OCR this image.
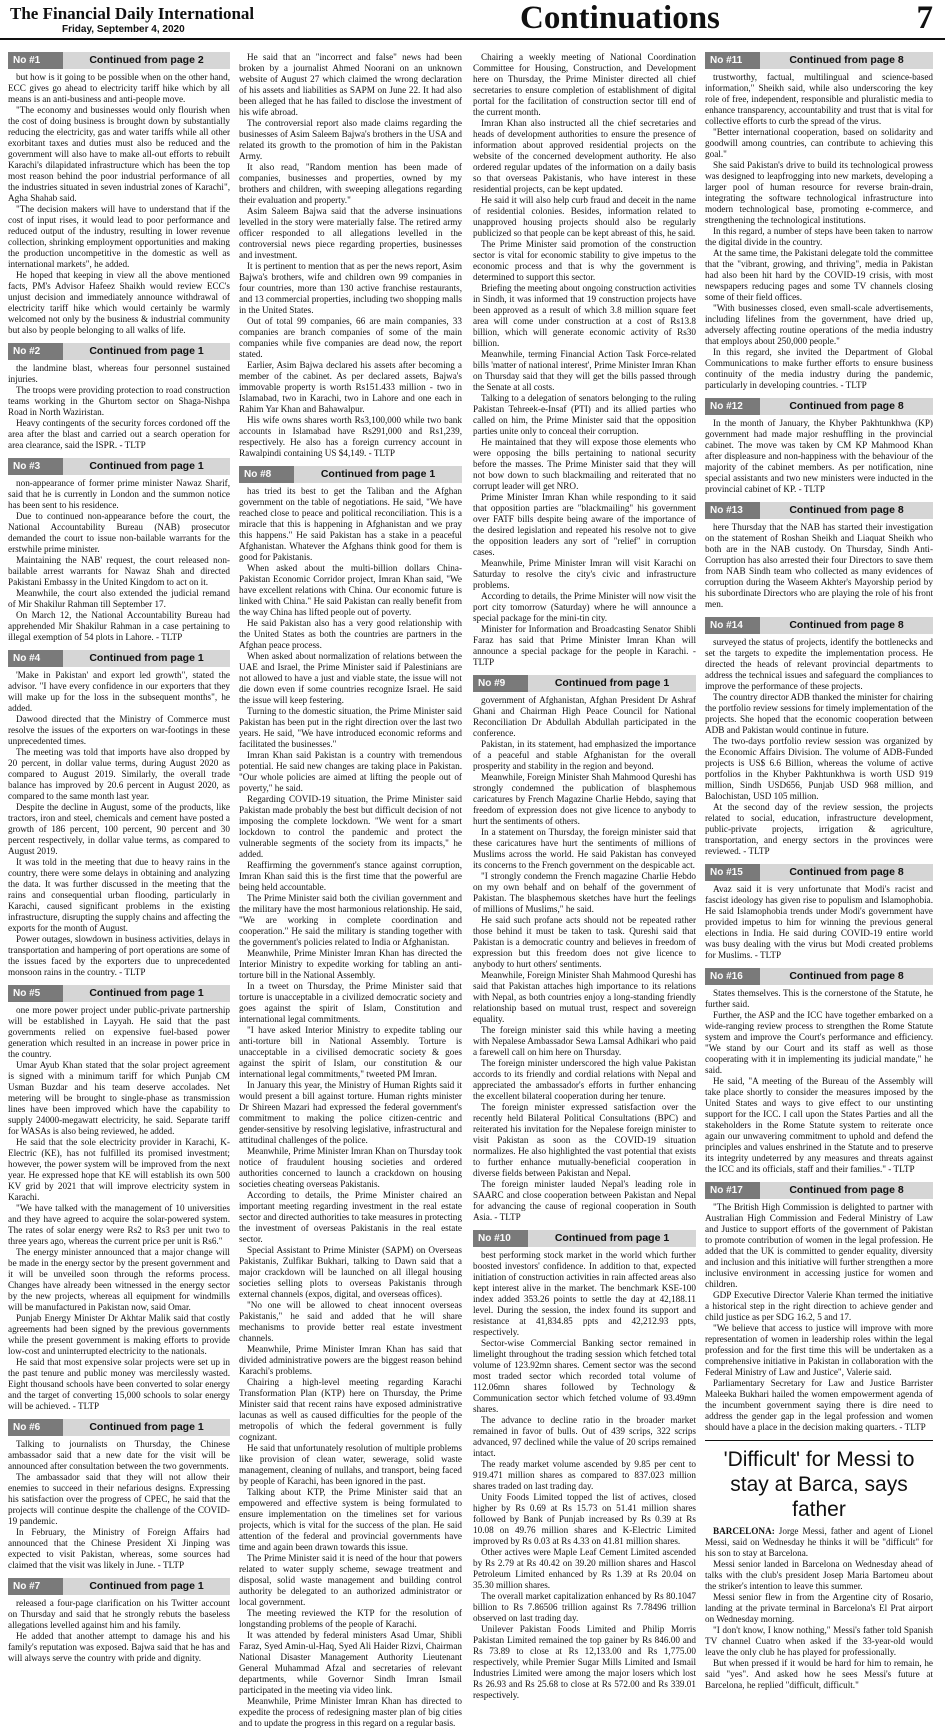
The Financial Daily International
Friday, September 4, 2020	Continuations	7
No #1	Continued from page 2

but how is it going to be possible when on the other hand, ECC gives go ahead to electricity tariff hike which by all means is an anti-business and anti-people move.

"The economy and businesses would only flourish when the cost of doing business is brought down by substantially reducing the electricity, gas and water tariffs while all other exorbitant taxes and duties must also be reduced and the government will also have to make all-out efforts to rebuilt Karachi's dilapidated infrastructure which has been the top most reason behind the poor industrial performance of all the industries situated in seven industrial zones of Karachi", Agha Shahab said.

"The decision makers will have to understand that if the cost of input rises, it would lead to poor performance and reduced output of the industry, resulting in lower revenue collection, shrinking employment opportunities and making the production uncompetitive in the domestic as well as international markets", he added.

He hoped that keeping in view all the above mentioned facts, PM's Advisor Hafeez Shaikh would review ECC's unjust decision and immediately announce withdrawal of electricity tariff hike which would certainly be warmly welcomed not only by the business & industrial community but also by people belonging to all walks of life.

No #2	Continued from page 1

the landmine blast, whereas four personnel sustained injuries.

The troops were providing protection to road construction teams working in the Ghurtom sector on Shaga-Nishpa Road in North Waziristan.

Heavy contingents of the security forces cordoned off the area after the blast and carried out a search operation for area clearance, said the ISPR. - TLTP

No #3	Continued from page 1

non-appearance of former prime minister Nawaz Sharif, said that he is currently in London and the summon notice has been sent to his residence.

Due to continued non-appearance before the court, the National Accountability Bureau (NAB) prosecutor demanded the court to issue non-bailable warrants for the erstwhile prime minister.

Maintaining the NAB' request, the court released non-bailable arrest warrants for Nawaz Shah and directed Pakistani Embassy in the United Kingdom to act on it.

Meanwhile, the court also extended the judicial remand of Mir Shakilur Rahman till September 17.

On March 12, the National Accountability Bureau had apprehended Mir Shakilur Rahman in a case pertaining to illegal exemption of 54 plots in Lahore. - TLTP

No #4	Continued from page 1

'Make in Pakistan' and export led growth", stated the advisor. "I have every confidence in our exporters that they will make up for the loss in the subsequent months", he added.

Dawood directed that the Ministry of Commerce must resolve the issues of the exporters on war-footings in these unprecedented times.

The meeting was told that imports have also dropped by 20 percent, in dollar value terms, during August 2020 as compared to August 2019. Similarly, the overall trade balance has improved by 20.6 percent in August 2020, as compared to the same month last year.

Despite the decline in August, some of the products, like tractors, iron and steel, chemicals and cement have posted a growth of 186 percent, 100 percent, 90 percent and 30 percent respectively, in dollar value terms, as compared to August 2019.

It was told in the meeting that due to heavy rains in the country, there were some delays in obtaining and analyzing the data. It was further discussed in the meeting that the rains and consequential urban flooding, particularly in Karachi, caused significant problems in the existing infrastructure, disrupting the supply chains and affecting the exports for the month of August.

Power outages, slowdown in business activities, delays in transportation and hampering of port operations are some of the issues faced by the exporters due to unprecedented monsoon rains in the country. - TLTP

No #5	Continued from page 1

one more power project under public-private partnership will be established in Layyah. He said that the past governments relied on expensive fuel-based power generation which resulted in an increase in power price in the country.

Umar Ayub Khan stated that the solar project agreement is signed with a minimum tariff for which Punjab CM Usman Buzdar and his team deserve accolades. Net metering will be brought to single-phase as transmission lines have been improved which have the capability to supply 24000-megawatt electricity, he said. Separate tariff for WASAs is also being reviewed, he added.

He said that the sole electricity provider in Karachi, K-Electric (KE), has not fulfilled its promised investment; however, the power system will be improved from the next year. He expressed hope that KE will establish its own 500 KV grid by 2021 that will improve electricity system in Karachi.

"We have talked with the management of 10 universities and they have agreed to acquire the solar-powered system. The rates of solar energy were Rs2 to Rs3 per unit two to three years ago, whereas the current price per unit is Rs6."

The energy minister announced that a major change will be made in the energy sector by the present government and it will be unveiled soon through the reforms process. Changes have already been witnessed in the energy sector by the new projects, whereas all equipment for windmills will be manufactured in Pakistan now, said Omar.

Punjab Energy Minister Dr Akhtar Malik said that costly agreements had been signed by the previous governments while the present government is making efforts to provide low-cost and uninterrupted electricity to the nationals.

He said that most expensive solar projects were set up in the past tenure and public money was mercilessly wasted. Eight thousand schools have been converted to solar energy and the target of converting 15,000 schools to solar energy will be achieved. - TLTP

No #6	Continued from page 1

Talking to journalists on Thursday, the Chinese ambassador said that a new date for the visit will be announced after consultation between the two governments.

The ambassador said that they will not allow their enemies to succeed in their nefarious designs. Expressing his satisfaction over the progress of CPEC, he said that the projects will continue despite the challenge of the COVID-19 pandemic.

In February, the Ministry of Foreign Affairs had announced that the Chinese President Xi Jinping was expected to visit Pakistan, whereas, some sources had claimed that the visit was likely in June. - TLTP

No #7	Continued from page 1

released a four-page clarification on his Twitter account on Thursday and said that he strongly rebuts the baseless allegations levelled against him and his family.

He added that another attempt to damage his and his family's reputation was exposed. Bajwa said that he has and will always serve the country with pride and dignity.

He said that an "incorrect and false" news had been broken by a journalist Ahmed Noorani on an unknown website of August 27 which claimed the wrong declaration of his assets and liabilities as SAPM on June 22. It had also been alleged that he has failed to disclose the investment of his wife abroad.

The controversial report also made claims regarding the businesses of Asim Saleem Bajwa's brothers in the USA and related its growth to the promotion of him in the Pakistan Army.

It also read, "Random mention has been made of companies, businesses and properties, owned by my brothers and children, with sweeping allegations regarding their evaluation and property."

Asim Saleem Bajwa said that the adverse insinuations levelled in the story were materially false. The retired army officer responded to all allegations levelled in the controversial news piece regarding properties, businesses and investment.

It is pertinent to mention that as per the news report, Asim Bajwa's brothers, wife and children own 99 companies in four countries, more than 130 active franchise restaurants, and 13 commercial properties, including two shopping malls in the United States.

Out of total 99 companies, 66 are main companies, 33 companies are branch companies of some of the main companies while five companies are dead now, the report stated.

Earlier, Asim Bajwa declared his assets after becoming a member of the cabinet. As per declared assets, Bajwa's immovable property is worth Rs151.433 million - two in Islamabad, two in Karachi, two in Lahore and one each in Rahim Yar Khan and Bahawalpur.

His wife owns shares worth Rs3,100,000 while two bank accounts in Islamabad have Rs291,000 and Rs1,239, respectively. He also has a foreign currency account in Rawalpindi containing US $4,149. - TLTP

No #8	Continued from page 1

has tried its best to get the Taliban and the Afghan government on the table of negotiations. He said, "We have reached close to peace and political reconciliation. This is a miracle that this is happening in Afghanistan and we pray this happens." He said Pakistan has a stake in a peaceful Afghanistan. Whatever the Afghans think good for them is good for Pakistanis.

When asked about the multi-billion dollars China-Pakistan Economic Corridor project, Imran Khan said, "We have excellent relations with China. Our economic future is linked with China." He said Pakistan can really benefit from the way China has lifted people out of poverty.

He said Pakistan also has a very good relationship with the United States as both the countries are partners in the Afghan peace process.

When asked about normalization of relations between the UAE and Israel, the Prime Minister said if Palestinians are not allowed to have a just and viable state, the issue will not die down even if some countries recognize Israel. He said the issue will keep festering.

Turning to the domestic situation, the Prime Minister said Pakistan has been put in the right direction over the last two years. He said, "We have introduced economic reforms and facilitated the businesses."

Imran Khan said Pakistan is a country with tremendous potential. He said new changes are taking place in Pakistan. "Our whole policies are aimed at lifting the people out of poverty," he said.

Regarding COVID-19 situation, the Prime Minister said Pakistan made probably the best but difficult decision of not imposing the complete lockdown. "We went for a smart lockdown to control the pandemic and protect the vulnerable segments of the society from its impacts," he added.

Reaffirming the government's stance against corruption, Imran Khan said this is the first time that the powerful are being held accountable.

The Prime Minister said both the civilian government and the military have the most harmonious relationship. He said, "We are working in complete coordination and cooperation." He said the military is standing together with the government's policies related to India or Afghanistan.

Meanwhile, Prime Minister Imran Khan has directed the Interior Ministry to expedite working for tabling an anti-torture bill in the National Assembly.

In a tweet on Thursday, the Prime Minister said that torture is unacceptable in a civilized democratic society and goes against the spirit of Islam, Constitution and international legal commitments.

"I have asked Interior Ministry to expedite tabling our anti-torture bill in National Assembly. Torture is unacceptable in a civilised democratic society & goes against the spirit of Islam, our constitution & our international legal commitments," tweeted PM Imran.

In January this year, the Ministry of Human Rights said it would present a bill against torture. Human rights minister Dr Shireen Mazari had expressed the federal government's commitment to making the police citizen-centric and gender-sensitive by resolving legislative, infrastructural and attitudinal challenges of the police.

Meanwhile, Prime Minister Imran Khan on Thursday took notice of fraudulent housing societies and ordered authorities concerned to launch a crackdown on housing societies cheating overseas Pakistanis.

According to details, the Prime Minister chaired an important meeting regarding investment in the real estate sector and directed authorities to take measures in protecting the investment of overseas Pakistanis in the real estate sector.

Special Assistant to Prime Minister (SAPM) on Overseas Pakistanis, Zulfikar Bukhari, talking to Dawn said that a major crackdown will be launched on all illegal housing societies selling plots to overseas Pakistanis through external channels (expos, digital, and overseas offices).

"No one will be allowed to cheat innocent overseas Pakistanis," he said and added that he will share mechanisms to provide better real estate investment channels.

Meanwhile, Prime Minister Imran Khan has said that divided administrative powers are the biggest reason behind Karachi's problems.

Chairing a high-level meeting regarding Karachi Transformation Plan (KTP) here on Thursday, the Prime Minister said that recent rains have exposed administrative lacunas as well as caused difficulties for the people of the metropolis of which the federal government is fully cognizant.

He said that unfortunately resolution of multiple problems like provision of clean water, sewerage, solid waste management, cleaning of nullahs, and transport, being faced by people of Karachi, has been ignored in the past.

Talking about KTP, the Prime Minister said that an empowered and effective system is being formulated to ensure implementation on the timelines set for various projects, which is vital for the success of the plan. He said attention of the federal and provincial governments have time and again been drawn towards this issue.

The Prime Minister said it is need of the hour that powers related to water supply scheme, sewage treatment and disposal, solid waste management and building control authority be delegated to an authorized administrator or local government.

The meeting reviewed the KTP for the resolution of longstanding problems of the people of Karachi.

It was attended by federal ministers Asad Umar, Shibli Faraz, Syed Amin-ul-Haq, Syed Ali Haider Rizvi, Chairman National Disaster Management Authority Lieutenant General Muhammad Afzal and secretaries of relevant departments, while Governor Sindh Imran Ismail participated in the meeting via video link.

Meanwhile, Prime Minister Imran Khan has directed to expedite the process of redesigning master plan of big cities and to update the progress in this regard on a regular basis.

Chairing a weekly meeting of National Coordination Committee for Housing, Construction, and Development here on Thursday, the Prime Minister directed all chief secretaries to ensure completion of establishment of digital portal for the facilitation of construction sector till end of the current month.

Imran Khan also instructed all the chief secretaries and heads of development authorities to ensure the presence of information about approved residential projects on the website of the concerned development authority. He also ordered regular updates of the information on a daily basis so that overseas Pakistanis, who have interest in these residential projects, can be kept updated.

He said it will also help curb fraud and deceit in the name of residential colonies. Besides, information related to unapproved housing projects should also be regularly publicized so that people can be kept abreast of this, he said.

The Prime Minister said promotion of the construction sector is vital for economic stability to give impetus to the economic process and that is why the government is determined to support this sector.

Briefing the meeting about ongoing construction activities in Sindh, it was informed that 19 construction projects have been approved as a result of which 3.8 million square feet area will come under construction at a cost of Rs13.8 billion, which will generate economic activity of Rs30 billion.

Meanwhile, terming Financial Action Task Force-related bills 'matter of national interest', Prime Minister Imran Khan on Thursday said that they will get the bills passed through the Senate at all costs.

Talking to a delegation of senators belonging to the ruling Pakistan Tehreek-e-Insaf (PTI) and its allied parties who called on him, the Prime Minister said that the opposition parties unite only to conceal their corruption.

He maintained that they will expose those elements who were opposing the bills pertaining to national security before the masses. The Prime Minister said that they will not bow down to such blackmailing and reiterated that no corrupt leader will get NRO.

Prime Minister Imran Khan while responding to it said that opposition parties are "blackmailing" his government over FATF bills despite being aware of the importance of the desired legislation and repeated his resolve not to give the opposition leaders any sort of "relief" in corruption cases.

Meanwhile, Prime Minister Imran will visit Karachi on Saturday to resolve the city's civic and infrastructure problems.

According to details, the Prime Minister will now visit the port city tomorrow (Saturday) where he will announce a special package for the mini-tin city.

Minister for Information and Broadcasting Senator Shibli Faraz has said that Prime Minister Imran Khan will announce a special package for the people in Karachi. - TLTP

No #9	Continued from page 1

government of Afghanistan, Afghan President Dr Ashraf Ghani and Chairman High Peace Council for National Reconciliation Dr Abdullah Abdullah participated in the conference.

Pakistan, in its statement, had emphasized the importance of a peaceful and stable Afghanistan for the overall prosperity and stability in the region and beyond.

Meanwhile, Foreign Minister Shah Mahmood Qureshi has strongly condemned the publication of blasphemous caricatures by French Magazine Charlie Hebdo, saying that freedom of expression does not give licence to anybody to hurt the sentiments of others.

In a statement on Thursday, the foreign minister said that these caricatures have hurt the sentiments of millions of Muslims across the world. He said Pakistan has conveyed its concerns to the French government on the despicable act.

"I strongly condemn the French magazine Charlie Hebdo on my own behalf and on behalf of the government of Pakistan. The blasphemous sketches have hurt the feelings of millions of Muslims," he said.

He said such profane acts should not be repeated rather those behind it must be taken to task. Qureshi said that Pakistan is a democratic country and believes in freedom of expression but this freedom does not give licence to anybody to hurt others' sentiments.

Meanwhile, Foreign Minister Shah Mahmood Qureshi has said that Pakistan attaches high importance to its relations with Nepal, as both countries enjoy a long-standing friendly relationship based on mutual trust, respect and sovereign equality.

The foreign minister said this while having a meeting with Nepalese Ambassador Sewa Lamsal Adhikari who paid a farewell call on him here on Thursday.

The foreign minister underscored the high value Pakistan accords to its friendly and cordial relations with Nepal and appreciated the ambassador's efforts in further enhancing the excellent bilateral cooperation during her tenure.

The foreign minister expressed satisfaction over the recently held Bilateral Political Consultations (BPC) and reiterated his invitation for the Nepalese foreign minister to visit Pakistan as soon as the COVID-19 situation normalizes. He also highlighted the vast potential that exists to further enhance mutually-beneficial cooperation in diverse fields between Pakistan and Nepal.

The foreign minister lauded Nepal's leading role in SAARC and close cooperation between Pakistan and Nepal for advancing the cause of regional cooperation in South Asia. - TLTP

No #10	Continued from page 1

best performing stock market in the world which further boosted investors' confidence. In addition to that, expected initiation of construction activities in rain affected areas also kept interest alive in the market. The benchmark KSE-100 index added 353.26 points to settle the day at 42,188.11 level. During the session, the index found its support and resistance at 41,834.85 ppts and 42,212.93 ppts, respectively.

Sector-wise Commercial Banking sector remained in limelight throughout the trading session which fetched total volume of 123.92mn shares. Cement sector was the second most traded sector which recorded total volume of 112.06mn shares followed by Technology & Communication sector which fetched volume of 93.49mn shares.

The advance to decline ratio in the broader market remained in favor of bulls. Out of 439 scrips, 322 scrips advanced, 97 declined while the value of 20 scrips remained intact.

The ready market volume ascended by 9.85 per cent to 919.471 million shares as compared to 837.023 million shares traded on last trading day.

Unity Foods Limited topped the list of actives, closed higher by Rs 0.69 at Rs 15.73 on 51.41 million shares followed by Bank of Punjab increased by Rs 0.39 at Rs 10.08 on 49.76 million shares and K-Electric Limited improved by Rs 0.03 at Rs 4.33 on 41.81 million shares.

Other actives were Maple Leaf Cement Limited ascended by Rs 2.79 at Rs 40.42 on 39.20 million shares and Hascol Petroleum Limited enhanced by Rs 1.39 at Rs 20.04 on 35.30 million shares.

The overall market capitalization enhanced by Rs 80.1047 billion to Rs 7.86506 trillion against Rs 7.78496 trillion observed on last trading day.

Unilever Pakistan Foods Limited and Philip Morris Pakistan Limited remained the top gainer by Rs 846.00 and Rs 73.89 to close at Rs 12,133.00 and Rs 1,775.00 respectively, while Premier Sugar Mills Limited and Ismail Industries Limited were among the major losers which lost Rs 26.93 and Rs 25.68 to close at Rs 572.00 and Rs 339.01 respectively.

No #11	Continued from page 8

trustworthy, factual, multilingual and science-based information," Sheikh said, while also underscoring the key role of free, independent, responsible and pluralistic media to enhance transparency, accountability and trust that is vital for collective efforts to curb the spread of the virus.

"Better international cooperation, based on solidarity and goodwill among countries, can contribute to achieving this goal."

She said Pakistan's drive to build its technological prowess was designed to leapfrogging into new markets, developing a larger pool of human resource for reverse brain-drain, integrating the software technological infrastructure into modern technological base, promoting e-commerce, and strengthening the technological institutions.

In this regard, a number of steps have been taken to narrow the digital divide in the country.

At the same time, the Pakistani delegate told the committee that the "vibrant, growing, and thriving", media in Pakistan had also been hit hard by the COVID-19 crisis, with most newspapers reducing pages and some TV channels closing some of their field offices.

"With businesses closed, even small-scale advertisements, including lifelines from the government, have dried up, adversely affecting routine operations of the media industry that employs about 250,000 people."

In this regard, she invited the Department of Global Communications to make further efforts to ensure business continuity of the media industry during the pandemic, particularly in developing countries. - TLTP

No #12	Continued from page 8

In the month of January, the Khyber Pakhtunkhwa (KP) government had made major reshuffling in the provincial cabinet. The move was taken by CM KP Mahmood Khan after displeasure and non-happiness with the behaviour of the majority of the cabinet members. As per notification, nine special assistants and two new ministers were inducted in the provincial cabinet of KP. - TLTP

No #13	Continued from page 8

here Thursday that the NAB has started their investigation on the statement of Roshan Sheikh and Liaquat Sheikh who both are in the NAB custody. On Thursday, Sindh Anti-Corruption has also arrested their four Directors to save them from NAB Sindh team who collected as many evidences of corruption during the Waseem Akhter's Mayorship period by his subordinate Directors who are playing the role of his front men.

No #14	Continued from page 8

surveyed the status of projects, identify the bottlenecks and set the targets to expedite the implementation process. He directed the heads of relevant provincial departments to address the technical issues and safeguard the compliances to improve the performance of these projects.

The country director ADB thanked the minister for chairing the portfolio review sessions for timely implementation of the projects. She hoped that the economic cooperation between ADB and Pakistan would continue in future.

The two-days portfolio review session was organized by the Economic Affairs Division. The volume of ADB-Funded projects is US$ 6.6 Billion, whereas the volume of active portfolios in the Khyber Pakhtunkhwa is worth USD 919 million, Sindh USD656, Punjab USD 968 million, and Balochistan, USD 105 million.

At the second day of the review session, the projects related to social, education, infrastructure development, public-private projects, irrigation & agriculture, transportation, and energy sectors in the provinces were reviewed. - TLTP

No #15	Continued from page 8

Avaz said it is very unfortunate that Modi's racist and fascist ideology has given rise to populism and Islamophobia. He said Islamophobia trends under Modi's government have provided impetus to him for winning the previous general elections in India. He said during COVID-19 entire world was busy dealing with the virus but Modi created problems for Muslims. - TLTP

No #16	Continued from page 8

States themselves. This is the cornerstone of the Statute, he further said.

Further, the ASP and the ICC have together embarked on a wide-ranging review process to strengthen the Rome Statute system and improve the Court's performance and efficiency. "We stand by our Court and its staff as well as those cooperating with it in implementing its judicial mandate," he said.

He said, "A meeting of the Bureau of the Assembly will take place shortly to consider the measures imposed by the United States and ways to give effect to our unstinting support for the ICC. I call upon the States Parties and all the stakeholders in the Rome Statute system to reiterate once again our unwavering commitment to uphold and defend the principles and values enshrined in the Statute and to preserve its integrity undeterred by any measures and threats against the ICC and its officials, staff and their families." - TLTP

No #17	Continued from page 8

"The British High Commission is delighted to partner with Australian High Commission and Federal Ministry of Law and Justice to support efforts of the government of Pakistan to promote contribution of women in the legal profession. He added that the UK is committed to gender equality, diversity and inclusion and this initiative will further strengthen a more inclusive environment in accessing justice for women and children.

GDP Executive Director Valerie Khan termed the initiative a historical step in the right direction to achieve gender and child justice as per SDG 16.2, 5 and 17.

"We believe that access to justice will improve with more representation of women in leadership roles within the legal profession and for the first time this will be undertaken as a comprehensive initiative in Pakistan in collaboration with the Federal Ministry of Law and Justice", Valerie said.

Parliamentary Secretary for Law and Justice Barrister Maleeka Bukhari hailed the women empowerment agenda of the incumbent government saying there is dire need to address the gender gap in the legal profession and women should have a place in the decision making quarters. - TLTP

'Difficult' for Messi to stay at Barca, says father

BARCELONA: Jorge Messi, father and agent of Lionel Messi, said on Wednesday he thinks it will be "difficult" for his son to stay at Barcelona.

Messi senior landed in Barcelona on Wednesday ahead of talks with the club's president Josep Maria Bartomeu about the striker's intention to leave this summer.

Messi senior flew in from the Argentine city of Rosario, landing at the private terminal in Barcelona's El Prat airport on Wednesday morning.

"I don't know, I know nothing," Messi's father told Spanish TV channel Cuatro when asked if the 33-year-old would leave the only club he has played for professionally.

But when pressed if it would be hard for him to remain, he said "yes". And asked how he sees Messi's future at Barcelona, he replied "difficult, difficult."
